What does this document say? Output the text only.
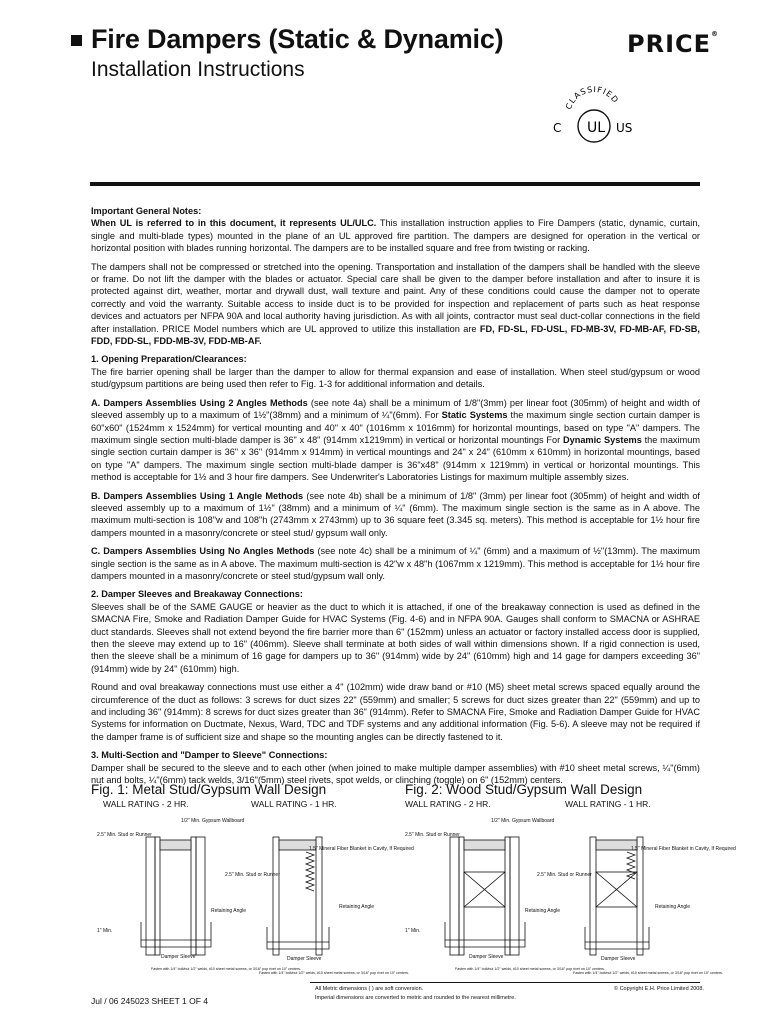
Fire Dampers (Static & Dynamic)	PRICE®
Installation Instructions
CLASSIFIED
UL
C	US

Important General Notes:

When UL is referred to in this document, it represents UL/ULC. This installation instruction applies to Fire Dampers (static, dynamic, curtain, single and multi-blade types) mounted in the plane of an UL approved fire partition. The dampers are designed for operation in the vertical or horizontal position with blades running horizontal. The dampers are to be installed square and free from twisting or racking.

The dampers shall not be compressed or stretched into the opening. Transportation and installation of the dampers shall be handled with the sleeve or frame. Do not lift the damper with the blades or actuator. Special care shall be given to the damper before installation and after to insure it is protected against dirt, weather, mortar and drywall dust, wall texture and paint. Any of these conditions could cause the damper not to operate correctly and void the warranty. Suitable access to inside duct is to be provided for inspection and replacement of parts such as heat response devices and actuators per NFPA 90A and local authority having jurisdiction. As with all joints, contractor must seal duct-collar connections in the field after installation. PRICE Model numbers which are UL approved to utilize this installation are FD, FD-SL, FD-USL, FD-MB-3V, FD-MB-AF, FD-SB, FDD, FDD-SL, FDD-MB-3V, FDD-MB-AF.

1. Opening Preparation/Clearances:

The fire barrier opening shall be larger than the damper to allow for thermal expansion and ease of installation. When steel stud/gypsum or wood stud/gypsum partitions are being used then refer to Fig. 1-3 for additional information and details.

A. Dampers Assemblies Using 2 Angles Methods (see note 4a) shall be a minimum of 1/8"(3mm) per linear foot (305mm) of height and width of sleeved assembly up to a maximum of 1½"(38mm) and a minimum of ¼"(6mm). For Static Systems the maximum single section curtain damper is 60"x60" (1524mm x 1524mm) for vertical mounting and 40" x 40" (1016mm x 1016mm) for horizontal mountings, based on type "A" dampers. The maximum single section multi-blade damper is 36" x 48" (914mm x1219mm) in vertical or horizontal mountings For Dynamic Systems the maximum single section curtain damper is 36" x 36" (914mm x 914mm) in vertical mountings and 24" x 24" (610mm x 610mm) in horizontal mountings, based on type "A" dampers. The maximum single section multi-blade damper is 36"x48" (914mm x 1219mm) in vertical or horizontal mountings. This method is acceptable for 1½ and 3 hour fire dampers. See Underwriter's Laboratories Listings for maximum multiple assembly sizes.

B. Dampers Assemblies Using 1 Angle Methods (see note 4b) shall be a minimum of 1/8" (3mm) per linear foot (305mm) of height and width of sleeved assembly up to a maximum of 1½" (38mm) and a minimum of ¼" (6mm). The maximum single section is the same as in A above. The maximum multi-section is 108"w and 108"h (2743mm x 2743mm) up to 36 square feet (3.345 sq. meters). This method is acceptable for 1½ hour fire dampers mounted in a masonry/concrete or steel stud/ gypsum wall only.

C. Dampers Assemblies Using No Angles Methods (see note 4c) shall be a minimum of ¼" (6mm) and a maximum of ½"(13mm). The maximum single section is the same as in A above. The maximum multi-section is 42"w x 48"h (1067mm x 1219mm). This method is acceptable for 1½ hour fire dampers mounted in a masonry/concrete or steel stud/gypsum wall only.

2. Damper Sleeves and Breakaway Connections:

Sleeves shall be of the SAME GAUGE or heavier as the duct to which it is attached, if one of the breakaway connection is used as defined in the SMACNA Fire, Smoke and Radiation Damper Guide for HVAC Systems (Fig. 4-6) and in NFPA 90A. Gauges shall conform to SMACNA or ASHRAE duct standards. Sleeves shall not extend beyond the fire barrier more than 6" (152mm) unless an actuator or factory installed access door is supplied, then the sleeve may extend up to 16" (406mm). Sleeve shall terminate at both sides of wall within dimensions shown. If a rigid connection is used, then the sleeve shall be a minimum of 16 gage for dampers up to 36" (914mm) wide by 24" (610mm) high and 14 gage for dampers exceeding 36"(914mm) wide by 24" (610mm) high.

Round and oval breakaway connections must use either a 4" (102mm) wide draw band or #10 (M5) sheet metal screws spaced equally around the circumference of the duct as follows: 3 screws for duct sizes 22" (559mm) and smaller; 5 screws for duct sizes greater than 22" (559mm) and up to and including 36" (914mm): 8 screws for duct sizes greater than 36" (914mm). Refer to SMACNA Fire, Smoke and Radiation Damper Guide for HVAC Systems for information on Ductmate, Nexus, Ward, TDC and TDF systems and any additional information (Fig. 5-6). A sleeve may not be required if the damper frame is of sufficient size and shape so the mounting angles can be directly fastened to it.

3. Multi-Section and "Damper to Sleeve" Connections:

Damper shall be secured to the sleeve and to each other (when joined to make multiple damper assemblies) with #10 sheet metal screws, ¼"(6mm) nut and bolts, ¼"(6mm) tack welds, 3/16"(5mm) steel rivets, spot welds, or clinching (toggle) on 6" (152mm) centers.

Fig. 1: Metal Stud/Gypsum Wall Design
WALL RATING - 2 HR.	WALL RATING - 1 HR.
1/2" Min. Gypsum Wallboard
2.5" Min. Stud or Runner
1.5" Mineral Fiber Blanket in Cavity, If Required
2.5" Min. Stud or Runner
Retaining Angle
Retaining Angle
1" Min.
Damper Sleeve	Damper Sleeve
Fasten with 1/4" bolt/nut 1/2" welds, #10 sheet metal screws, or 3/16" pop rivet on 10" centers.
Fasten with 1/4" bolt/nut 1/2" welds, #10 sheet metal screws, or 3/16" pop rivet on 10" centers.
Fig. 2: Wood Stud/Gypsum Wall Design
WALL RATING - 2 HR.	WALL RATING - 1 HR.
1/2" Min. Gypsum Wallboard
2.5" Min. Stud or Runner
1.5" Mineral Fiber Blanket in Cavity, If Required
2.5" Min. Stud or Runner
Retaining Angle
Retaining Angle
1" Min.
Damper Sleeve	Damper Sleeve
Fasten with 1/4" bolt/nut 1/2" welds, #10 sheet metal screws, or 3/16" pop rivet on 10" centers.
Fasten with 1/4" bolt/nut 1/2" welds, #10 sheet metal screws, or 3/16" pop rivet on 10" centers.
Jul / 06 245023 SHEET 1 OF 4
All Metric dimensions ( ) are soft conversion.
Imperial dimensions are converted to metric and rounded to the nearest millimetre.
© Copyright E.H. Price Limited 2008.
